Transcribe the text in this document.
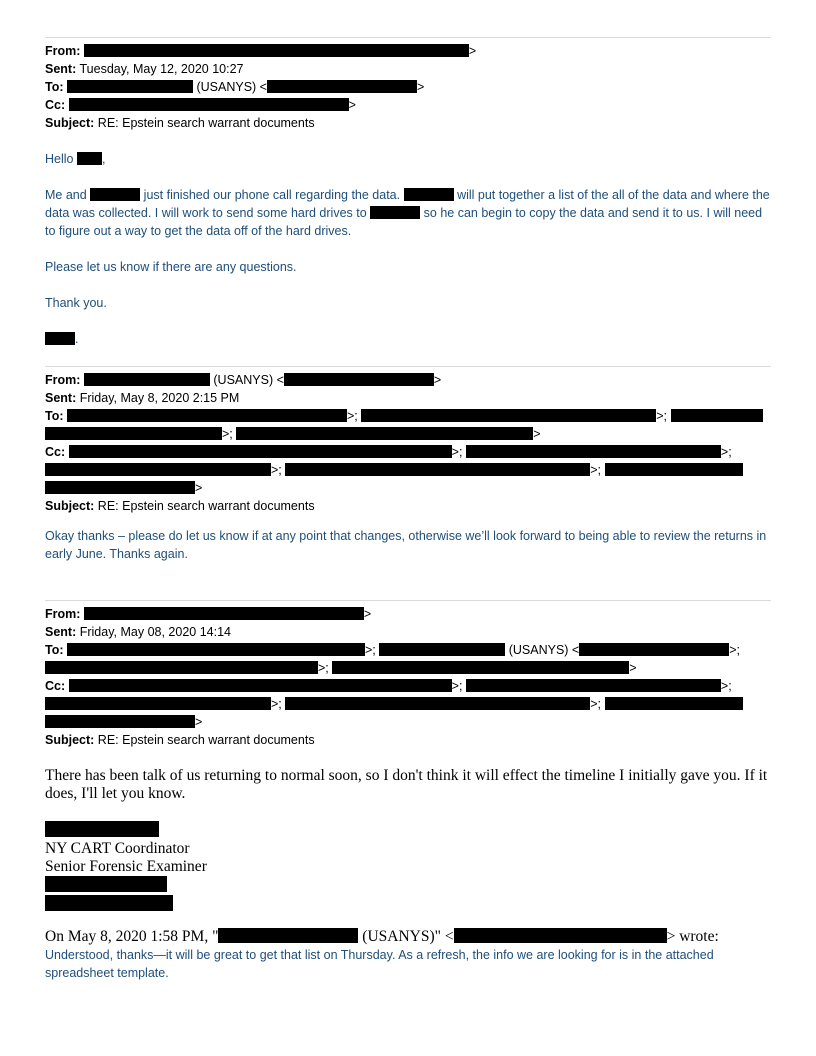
From:	>
Sent: Tuesday, May 12, 2020 10:27
To:	(USANYS) <	>
Cc:	>
Subject: RE: Epstein search warrant documents
Hello ,
Me and	just finished our phone call regarding the data.	will put together a list of the all of the data and where the data was collected. I will work to send some hard drives to	so he can begin to copy the data and send it to us. I will need to figure out a way to get the data off of the hard drives.
Please let us know if there are any questions.
Thank you.
.
From:	(USANYS) <	>
Sent: Friday, May 8, 2020 2:15 PM
To:	>;	>;
>;	>
Cc:	>;	>;
>;	>;
>
Subject: RE: Epstein search warrant documents
Okay thanks – please do let us know if at any point that changes, otherwise we’ll look forward to being able to review the returns in early June. Thanks again.
From:	>
Sent: Friday, May 08, 2020 14:14
To:	>;	(USANYS) <	>;
>;	>
Cc:	>;	>;
>;	>;
>
Subject: RE: Epstein search warrant documents
There has been talk of us returning to normal soon, so I don't think it will effect the timeline I initially gave you. If it does, I'll let you know.
NY CART Coordinator
Senior Forensic Examiner
On May 8, 2020 1:58 PM, "	(USANYS)" <	> wrote:
Understood, thanks—it will be great to get that list on Thursday. As a refresh, the info we are looking for is in the attached spreadsheet template.
